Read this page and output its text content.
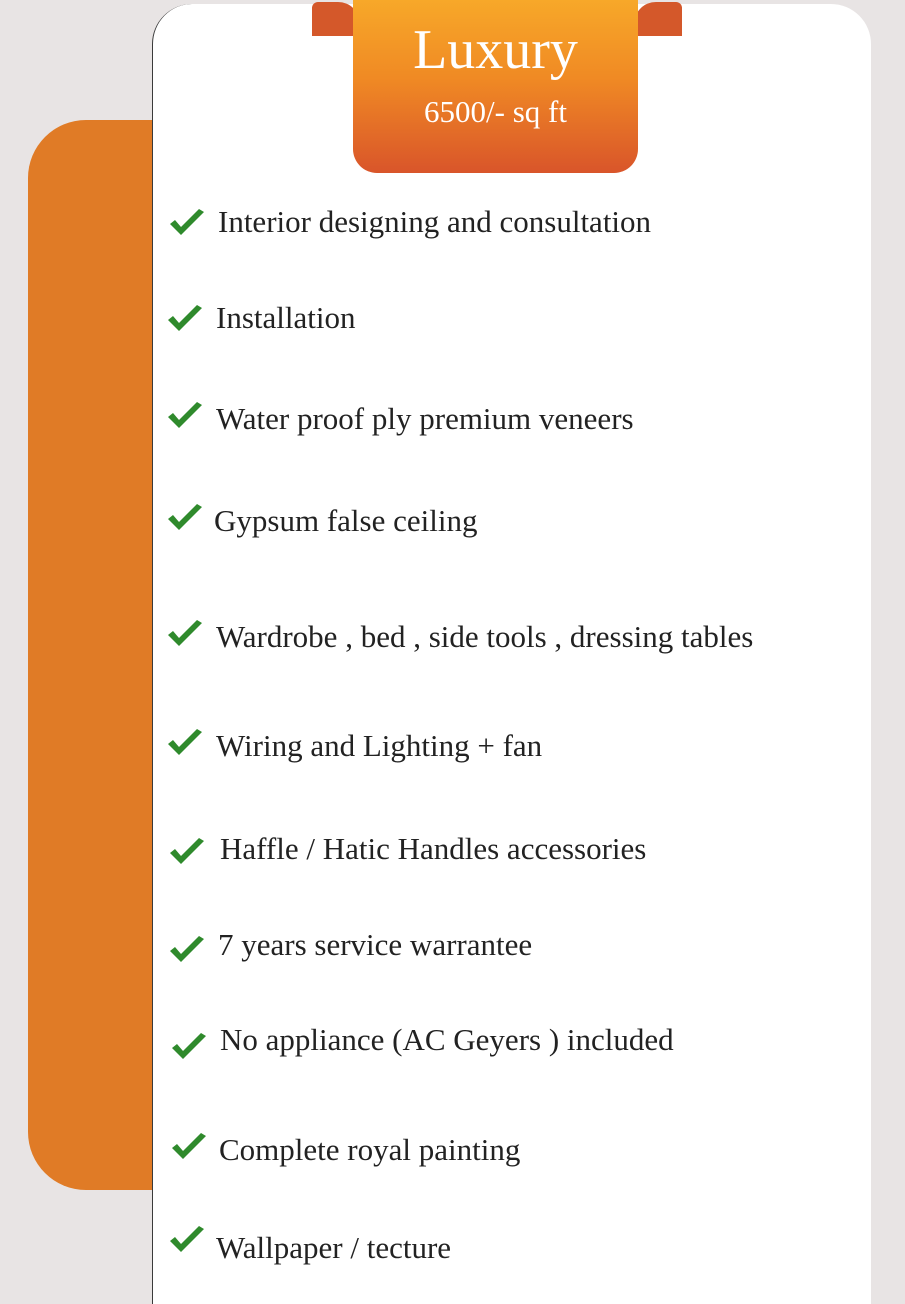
Luxury
6500/- sq ft
Interior designing and consultation
Installation
Water proof ply premium veneers
Gypsum false ceiling
Wardrobe , bed , side tools , dressing tables
Wiring and Lighting + fan
Haffle / Hatic Handles accessories
7 years service warrantee
No appliance (AC Geyers ) included
Complete royal painting
Wallpaper / tecture
